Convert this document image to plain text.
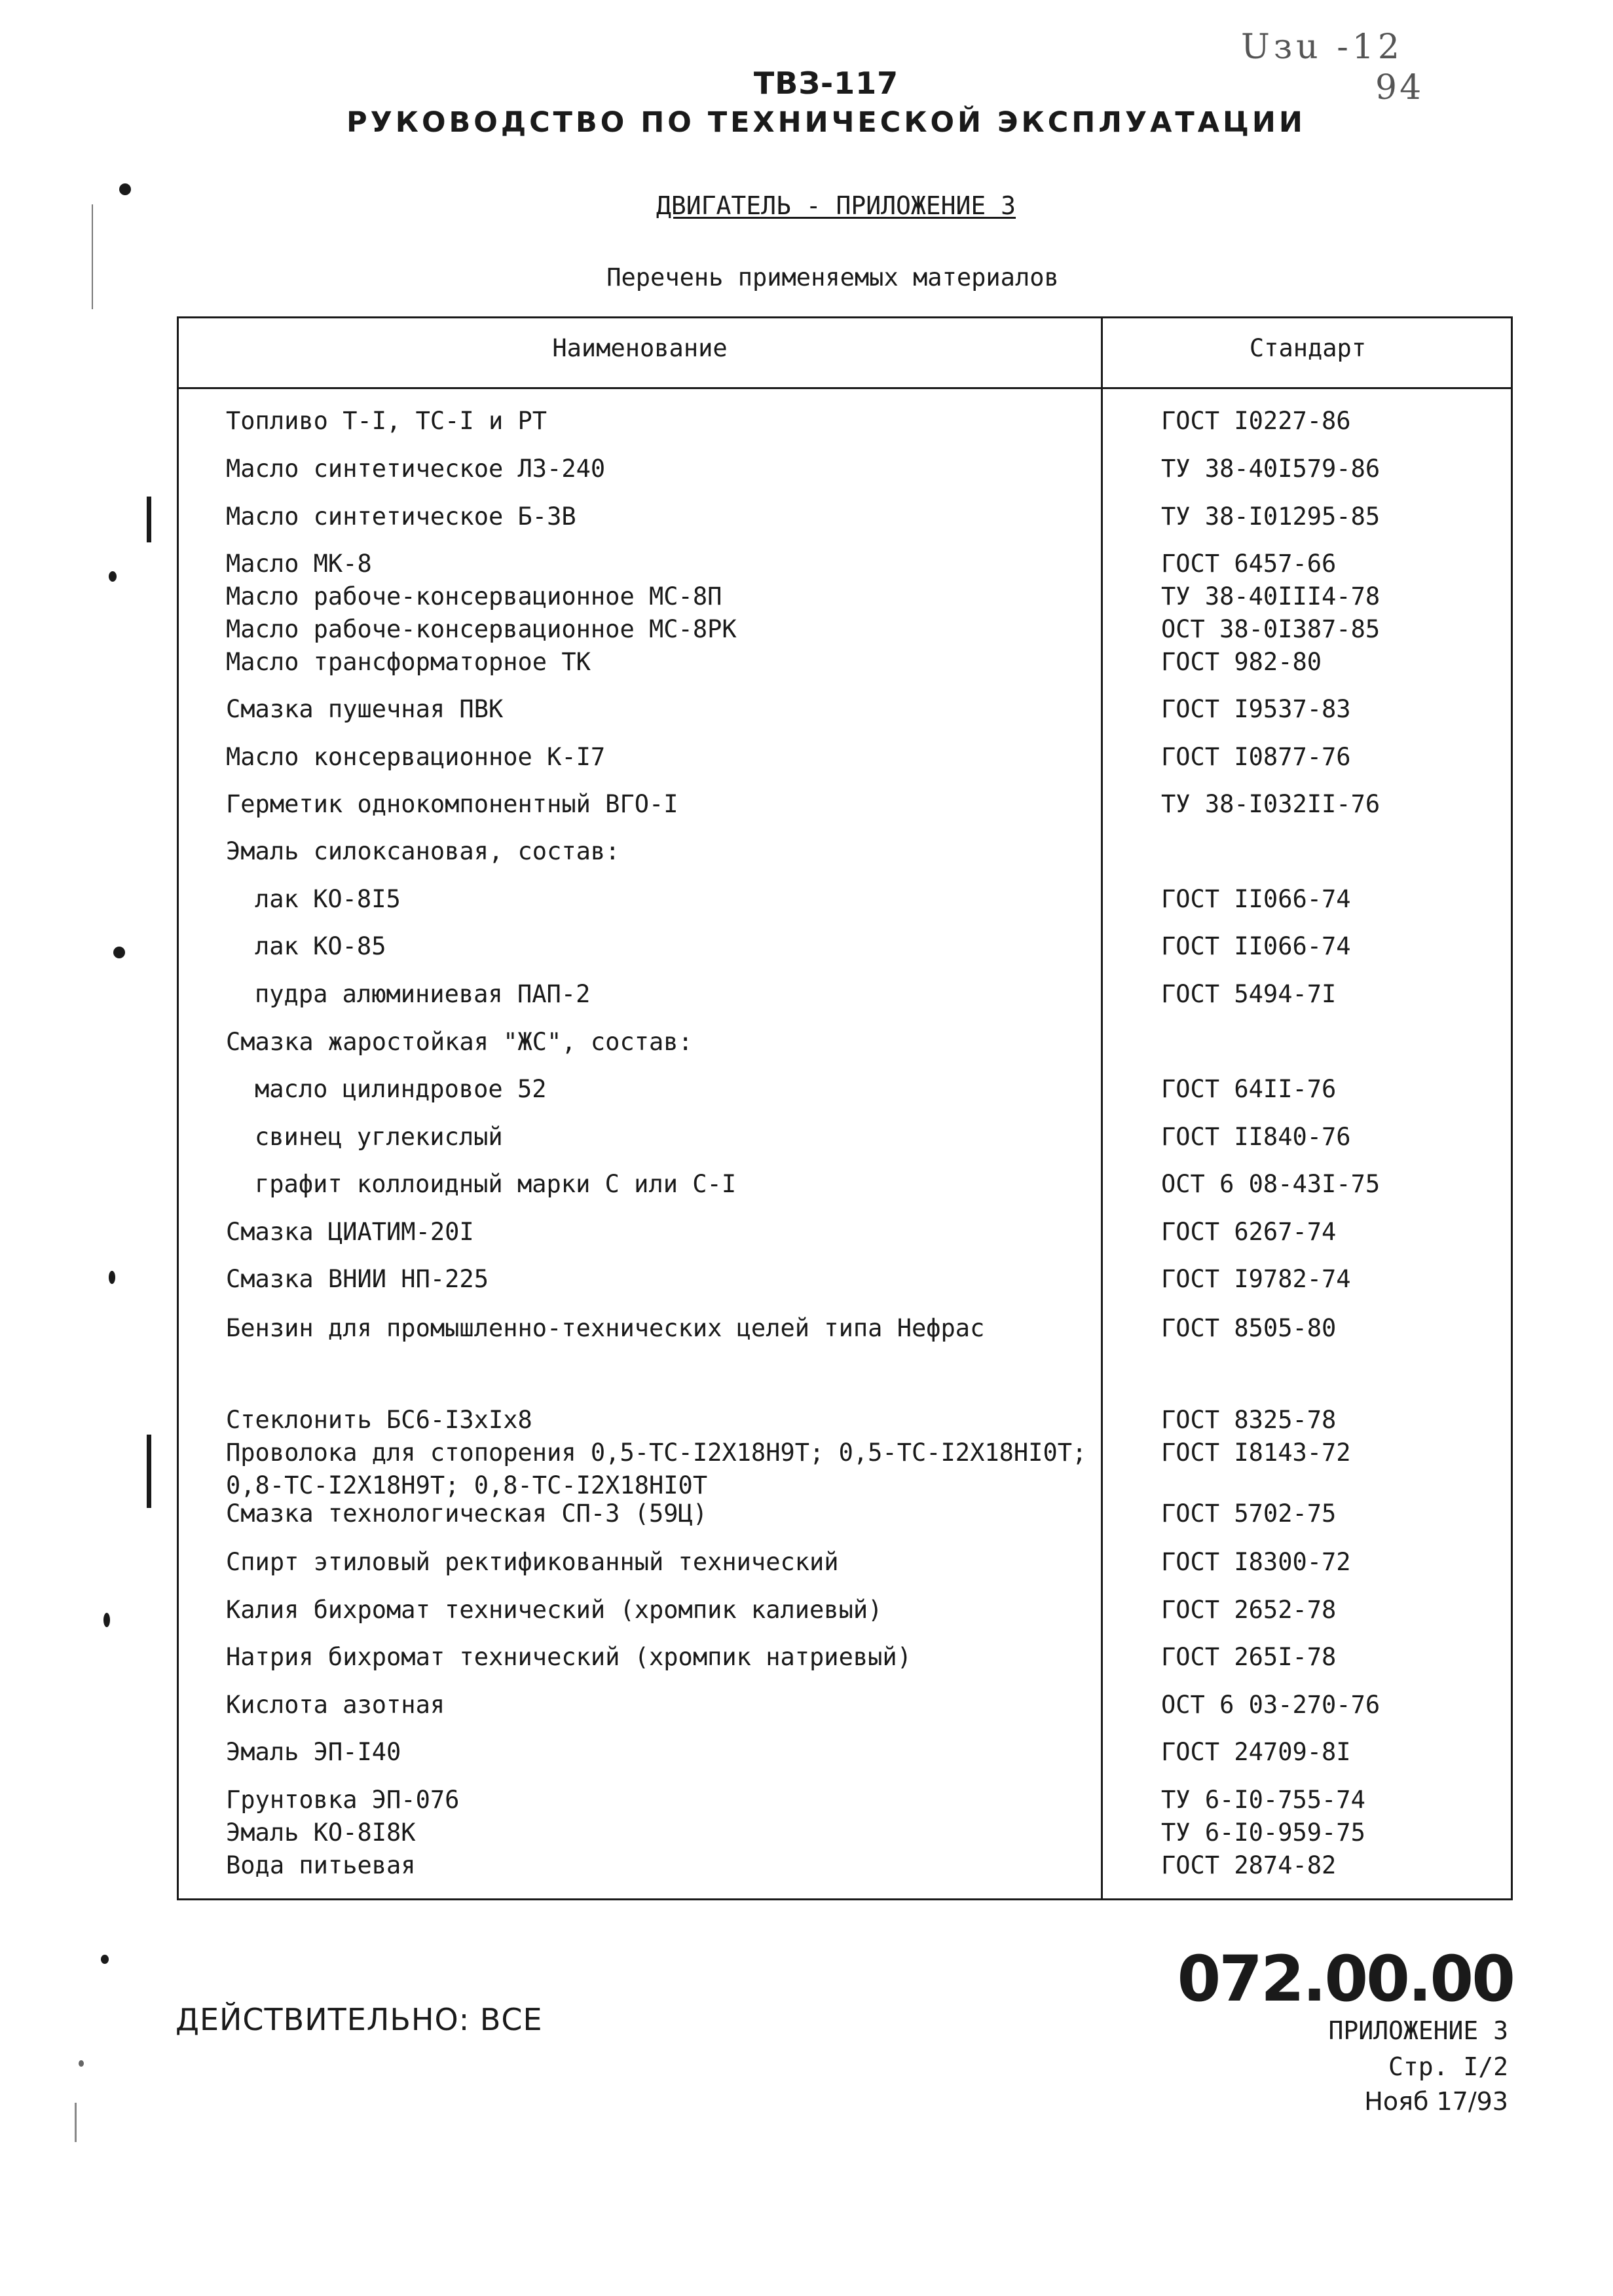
Uзu -12
94
ТВЗ-117
РУКОВОДСТВО ПО ТЕХНИЧЕСКОЙ ЭКСПЛУАТАЦИИ
ДВИГАТЕЛЬ - ПРИЛОЖЕНИЕ 3
Перечень применяемых материалов
Наименование	Стандарт
Топливо Т-I, ТС-I и РТ	ГОСТ I0227-86
Масло синтетическое ЛЗ-240	ТУ 38-40I579-86
Масло синтетическое Б-3В	ТУ 38-I01295-85
Масло МК-8	ГОСТ 6457-66
Масло рабоче-консервационное МС-8П	ТУ 38-40III4-78
Масло рабоче-консервационное МС-8РК	ОСТ 38-0I387-85
Масло трансформаторное ТК	ГОСТ 982-80
Смазка пушечная ПВК	ГОСТ I9537-83
Масло консервационное К-I7	ГОСТ I0877-76
Герметик однокомпонентный ВГО-I	ТУ 38-I032II-76
Эмаль силоксановая, состав:
лак КО-8I5	ГОСТ II066-74
лак КО-85	ГОСТ II066-74
пудра алюминиевая ПАП-2	ГОСТ 5494-7I
Смазка жаростойкая "ЖС", состав:
масло цилиндровое 52	ГОСТ 64II-76
свинец углекислый	ГОСТ II840-76
графит коллоидный марки С или С-I	ОСТ 6 08-43I-75
Смазка ЦИАТИМ-20I	ГОСТ 6267-74
Смазка ВНИИ НП-225	ГОСТ I9782-74
Бензин для промышленно-технических целей типа Нефрас	ГОСТ 8505-80
Стеклонить БС6-I3хIх8	ГОСТ 8325-78
Проволока для стопорения 0,5-ТС-I2Х18Н9Т; 0,5-ТС-I2Х18НI0Т;	ГОСТ I8143-72
0,8-ТС-I2Х18Н9Т; 0,8-ТС-I2Х18НI0Т
Смазка технологическая СП-3 (59Ц)	ГОСТ 5702-75
Спирт этиловый ректификованный технический	ГОСТ I8300-72
Калия бихромат технический (хромпик калиевый)	ГОСТ 2652-78
Натрия бихромат технический (хромпик натриевый)	ГОСТ 265I-78
Кислота азотная	ОСТ 6 03-270-76
Эмаль ЭП-I40	ГОСТ 24709-8I
Грунтовка ЭП-076	ТУ 6-I0-755-74
Эмаль КО-8I8К	ТУ 6-I0-959-75
Вода питьевая	ГОСТ 2874-82
ДЕЙСТВИТЕЛЬНО: ВСЕ
072.00.00
ПРИЛОЖЕНИЕ 3
Стр. I/2
Нояб 17/93
